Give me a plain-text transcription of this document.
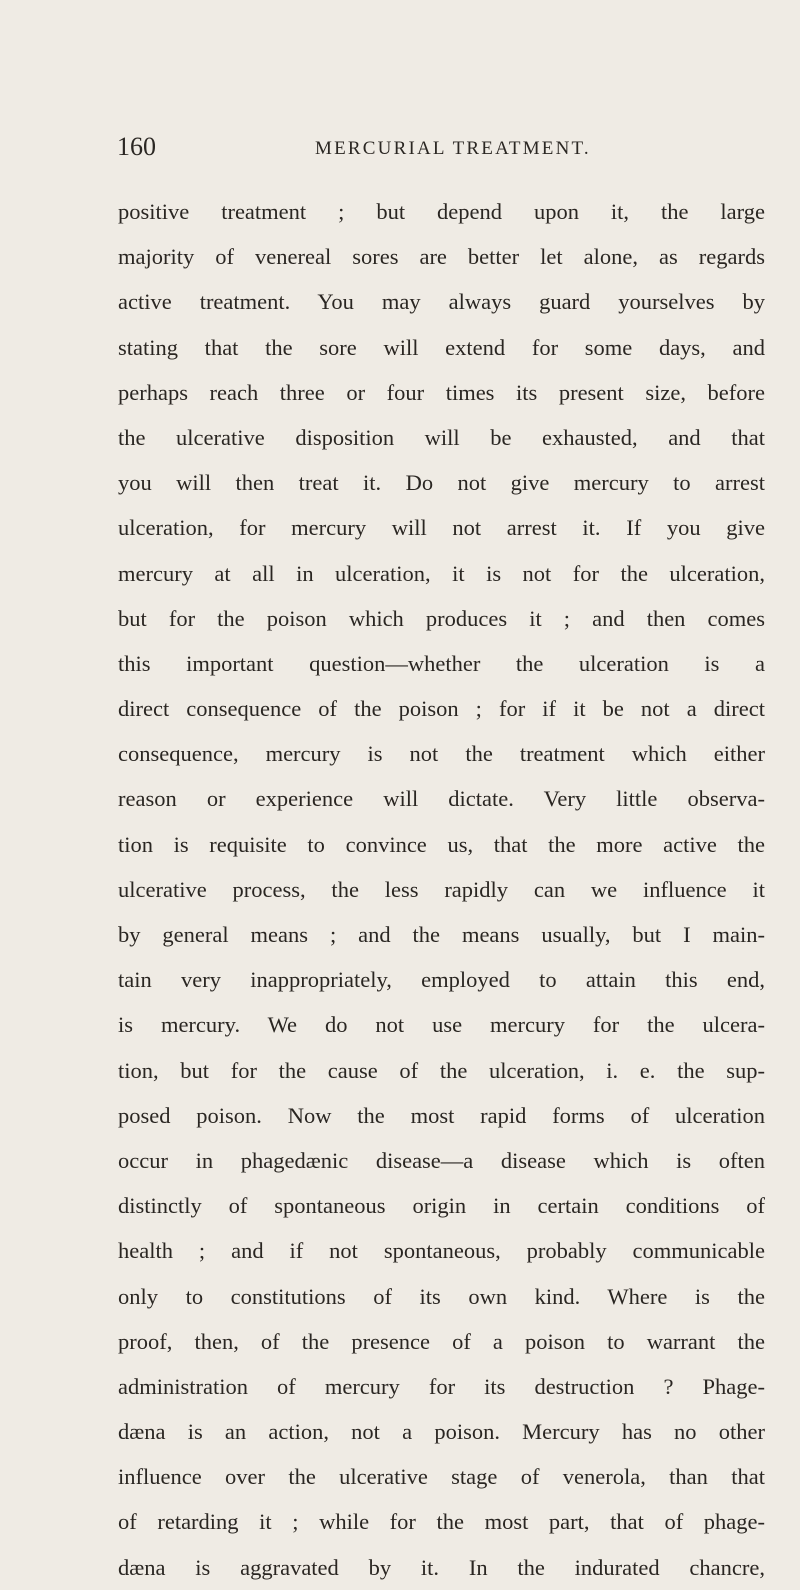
160	MERCURIAL TREATMENT.
positive treatment ; but depend upon it, the large
majority of venereal sores are better let alone, as regards
active treatment. You may always guard yourselves by
stating that the sore will extend for some days, and
perhaps reach three or four times its present size, before
the ulcerative disposition will be exhausted, and that
you will then treat it. Do not give mercury to arrest
ulceration, for mercury will not arrest it. If you give
mercury at all in ulceration, it is not for the ulceration,
but for the poison which produces it ; and then comes
this important question—whether the ulceration is a
direct consequence of the poison ; for if it be not a direct
consequence, mercury is not the treatment which either
reason or experience will dictate. Very little observa-
tion is requisite to convince us, that the more active the
ulcerative process, the less rapidly can we influence it
by general means ; and the means usually, but I main-
tain very inappropriately, employed to attain this end,
is mercury. We do not use mercury for the ulcera-
tion, but for the cause of the ulceration, i. e. the sup-
posed poison. Now the most rapid forms of ulceration
occur in phagedænic disease—a disease which is often
distinctly of spontaneous origin in certain conditions of
health ; and if not spontaneous, probably communicable
only to constitutions of its own kind. Where is the
proof, then, of the presence of a poison to warrant the
administration of mercury for its destruction ? Phage-
dæna is an action, not a poison. Mercury has no other
influence over the ulcerative stage of venerola, than that
of retarding it ; while for the most part, that of phage-
dæna is aggravated by it. In the indurated chancre,
